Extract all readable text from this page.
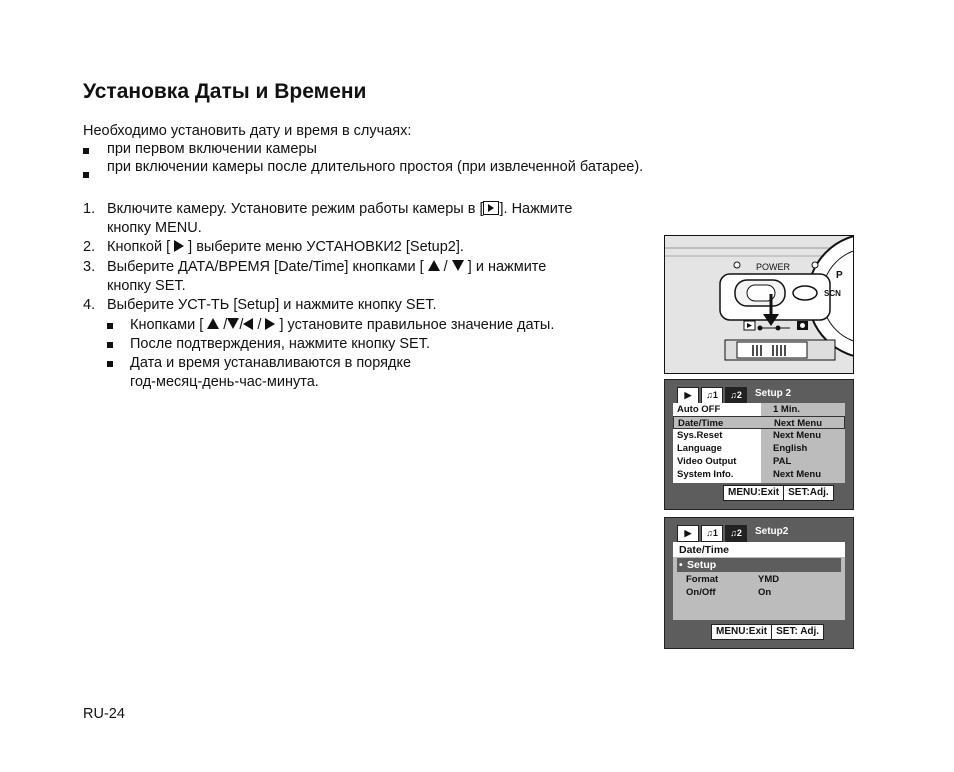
Установка Даты и Времени

Необходимо установить дату и время в случаях:

при первом включении камеры
при включении камеры после длительного простоя (при извлеченной батарее).
1. Включите камеру. Установите режим работы камеры в [ ]. Нажмите
кнопку MENU.
2. Кнопкой [ ] выберите меню УСТАНОВКИ2 [Setup2].
3. Выберите ДАТА/ВРЕМЯ [Date/Time] кнопками [ / ] и нажмите
кнопку SET.
4. Выберите УСТ-ТЬ [Setup] и нажмите кнопку SET.
Кнопками [ / / / ] установите правильное значение даты.
После подтверждения, нажмите кнопку SET.
Дата и время устанавливаются в порядке
год-месяц-день-час-минута.
RU-24
POWER
P
SCN
▶	♫1	♫2	Setup 2
Auto OFF	1 Min.
Date/Time	Next Menu
Sys.Reset	Next Menu
Language	English
Video Output	PAL
System Info.	Next Menu
MENU:Exit SET:Adj.
▶	♫1	♫2	Setup2
Date/Time
• Setup
Format	YMD
On/Off	On
MENU:Exit SET: Adj.
